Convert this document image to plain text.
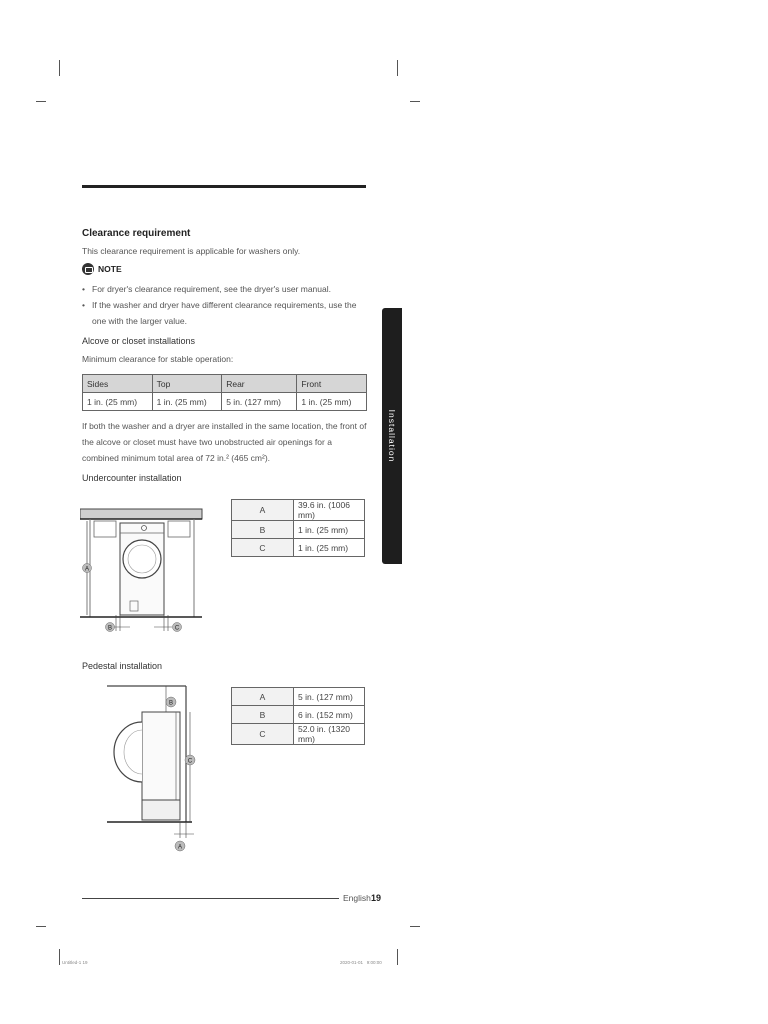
Clearance requirement
This clearance requirement is applicable for washers only.
NOTE
• For dryer's clearance requirement, see the dryer's user manual.
• If the washer and dryer have different clearance requirements, use the one with the larger value.
Alcove or closet installations
Minimum clearance for stable operation:
Sides	Top	Rear	Front
1 in. (25 mm)	1 in. (25 mm)	5 in. (127 mm)	1 in. (25 mm)
If both the washer and a dryer are installed in the same location, the front of the alcove or closet must have two unobstructed air openings for a combined minimum total area of 72 in.² (465 cm²).
Undercounter installation
A
B	C
A	39.6 in. (1006 mm)
B	1 in. (25 mm)
C	1 in. (25 mm)
Pedestal installation
B
C
A
A	5 in. (127 mm)
B	6 in. (152 mm)
C	52.0 in. (1320 mm)
Installation
English 19
Untitled-1 19	2020-01-01   9:00:00
